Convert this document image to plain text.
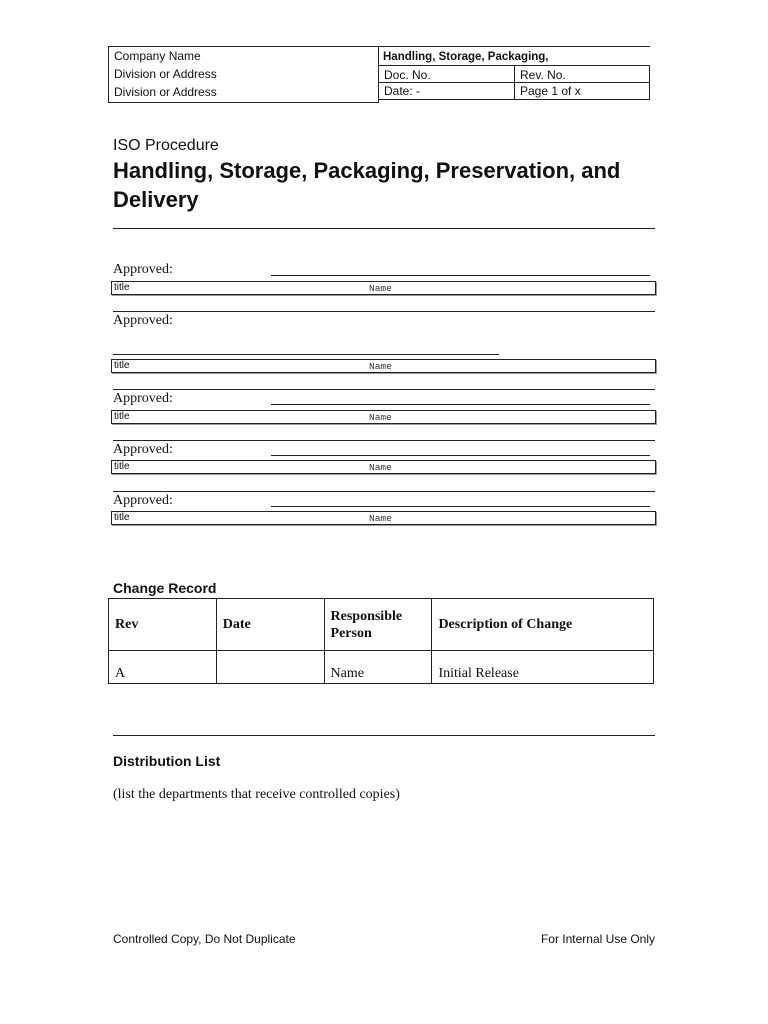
Company Name
Division or Address
Division or Address
Handling, Storage, Packaging,
Doc. No.	Rev. No.
Date: -	Page 1 of x
ISO Procedure
Handling, Storage, Packaging, Preservation, and
Delivery
Approved:
title	Name
Approved:
title	Name
Approved:
title	Name
Approved:
title	Name
Approved:
title	Name
Change Record
Rev	Date	Responsible Person	Description of Change
A		Name	Initial Release
Distribution List
(list the departments that receive controlled copies)
Controlled Copy, Do Not Duplicate	For Internal Use Only
